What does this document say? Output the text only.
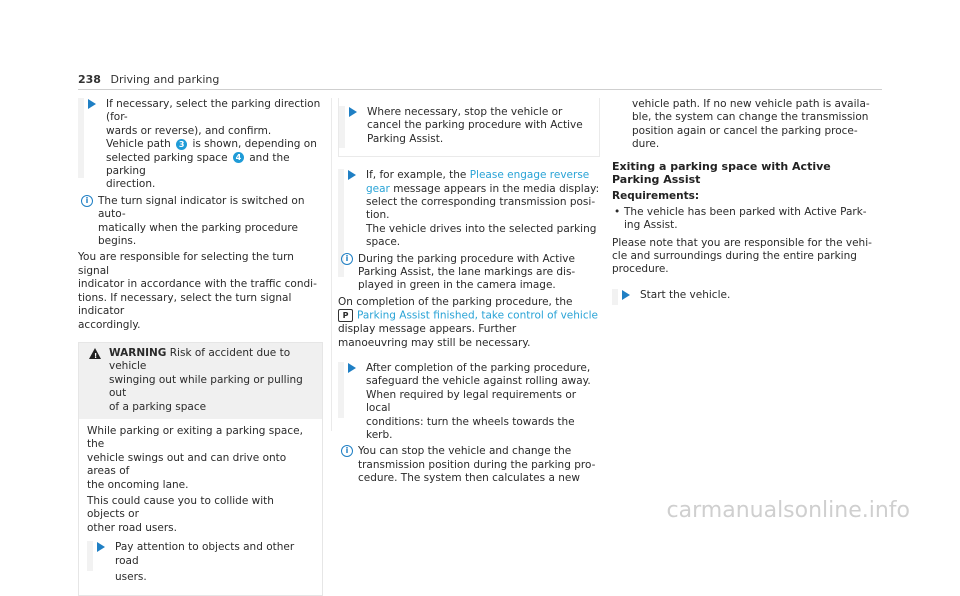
238 Driving and parking

If necessary, select the parking direction (for-

wards or reverse), and confirm.

Vehicle path 3 is shown, depending on

selected parking space 4 and the parking

direction.

i The turn signal indicator is switched on auto-

matically when the parking procedure begins.

You are responsible for selecting the turn signal

indicator in accordance with the traffic condi-

tions. If necessary, select the turn signal indicator

accordingly.

! WARNING Risk of accident due to vehicle

swinging out while parking or pulling out

of a parking space

While parking or exiting a parking space, the
vehicle swings out and can drive onto areas of
the oncoming lane.

This could cause you to collide with objects or
other road users.

Pay attention to objects and other road

users.

Where necessary, stop the vehicle or

cancel the parking procedure with Active

Parking Assist.

If, for example, the Please engage reverse gear message appears in the media display:

select the corresponding transmission posi-

tion.

The vehicle drives into the selected parking

space.

i During the parking procedure with Active

Parking Assist, the lane markings are dis-

played in green in the camera image.

On completion of the parking procedure, the

P Parking Assist finished, take control of vehicle display message appears. Further

manoeuvring may still be necessary.

After completion of the parking procedure,

safeguard the vehicle against rolling away.

When required by legal requirements or local

conditions: turn the wheels towards the kerb.

i You can stop the vehicle and change the

transmission position during the parking pro-

cedure. The system then calculates a new

vehicle path. If no new vehicle path is availa-

ble, the system can change the transmission

position again or cancel the parking proce-

dure.

Exiting a parking space with Active Parking Assist
Requirements:

• The vehicle has been parked with Active Park-

ing Assist.

Please note that you are responsible for the vehi-

cle and surroundings during the entire parking

procedure.

Start the vehicle.

carmanualsonline.info
